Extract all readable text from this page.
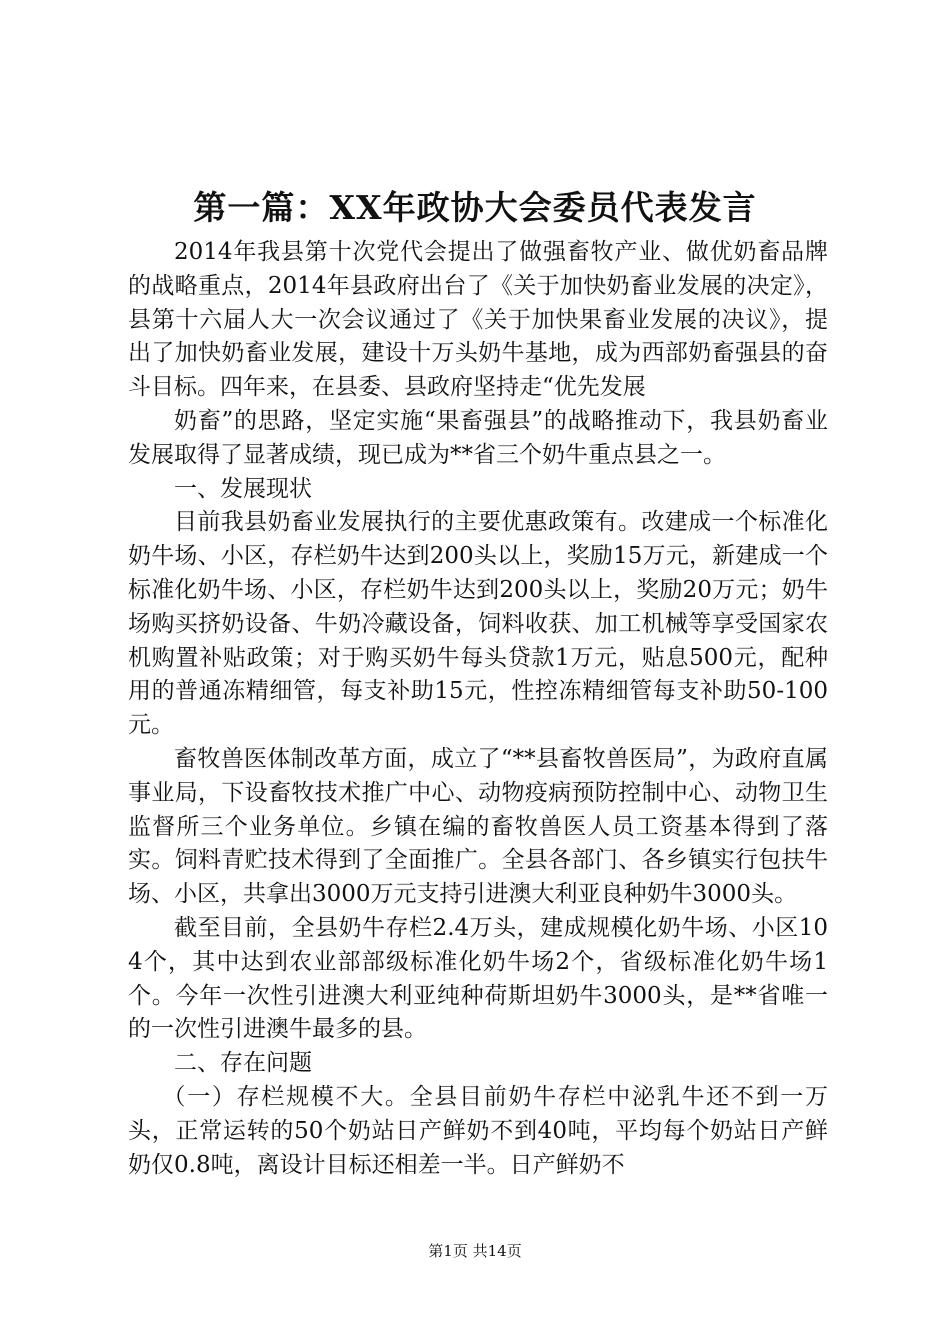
第一篇：XX年政协大会委员代表发言

2014年我县第十次党代会提出了做强畜牧产业、做优奶畜品牌的战略重点，2014年县政府出台了《关于加快奶畜业发展的决定》，县第十六届人大一次会议通过了《关于加快果畜业发展的决议》，提出了加快奶畜业发展，建设十万头奶牛基地，成为西部奶畜强县的奋斗目标。四年来，在县委、县政府坚持走“优先发展

奶畜”的思路，坚定实施“果畜强县”的战略推动下，我县奶畜业发展取得了显著成绩，现已成为**省三个奶牛重点县之一。

一、发展现状

目前我县奶畜业发展执行的主要优惠政策有。改建成一个标准化奶牛场、小区，存栏奶牛达到200头以上，奖励15万元，新建成一个标准化奶牛场、小区，存栏奶牛达到200头以上，奖励20万元；奶牛场购买挤奶设备、牛奶冷藏设备，饲料收获、加工机械等享受国家农机购置补贴政策；对于购买奶牛每头贷款1万元，贴息500元，配种用的普通冻精细管，每支补助15元，性控冻精细管每支补助50-100元。

畜牧兽医体制改革方面，成立了“**县畜牧兽医局”，为政府直属事业局，下设畜牧技术推广中心、动物疫病预防控制中心、动物卫生监督所三个业务单位。乡镇在编的畜牧兽医人员工资基本得到了落实。饲料青贮技术得到了全面推广。全县各部门、各乡镇实行包扶牛场、小区，共拿出3000万元支持引进澳大利亚良种奶牛3000头。

截至目前，全县奶牛存栏2.4万头，建成规模化奶牛场、小区104个，其中达到农业部部级标准化奶牛场2个，省级标准化奶牛场1个。今年一次性引进澳大利亚纯种荷斯坦奶牛3000头，是**省唯一的一次性引进澳牛最多的县。

二、存在问题

（一）存栏规模不大。全县目前奶牛存栏中泌乳牛还不到一万头，正常运转的50个奶站日产鲜奶不到40吨，平均每个奶站日产鲜奶仅0.8吨，离设计目标还相差一半。日产鲜奶不

第1页 共14页
